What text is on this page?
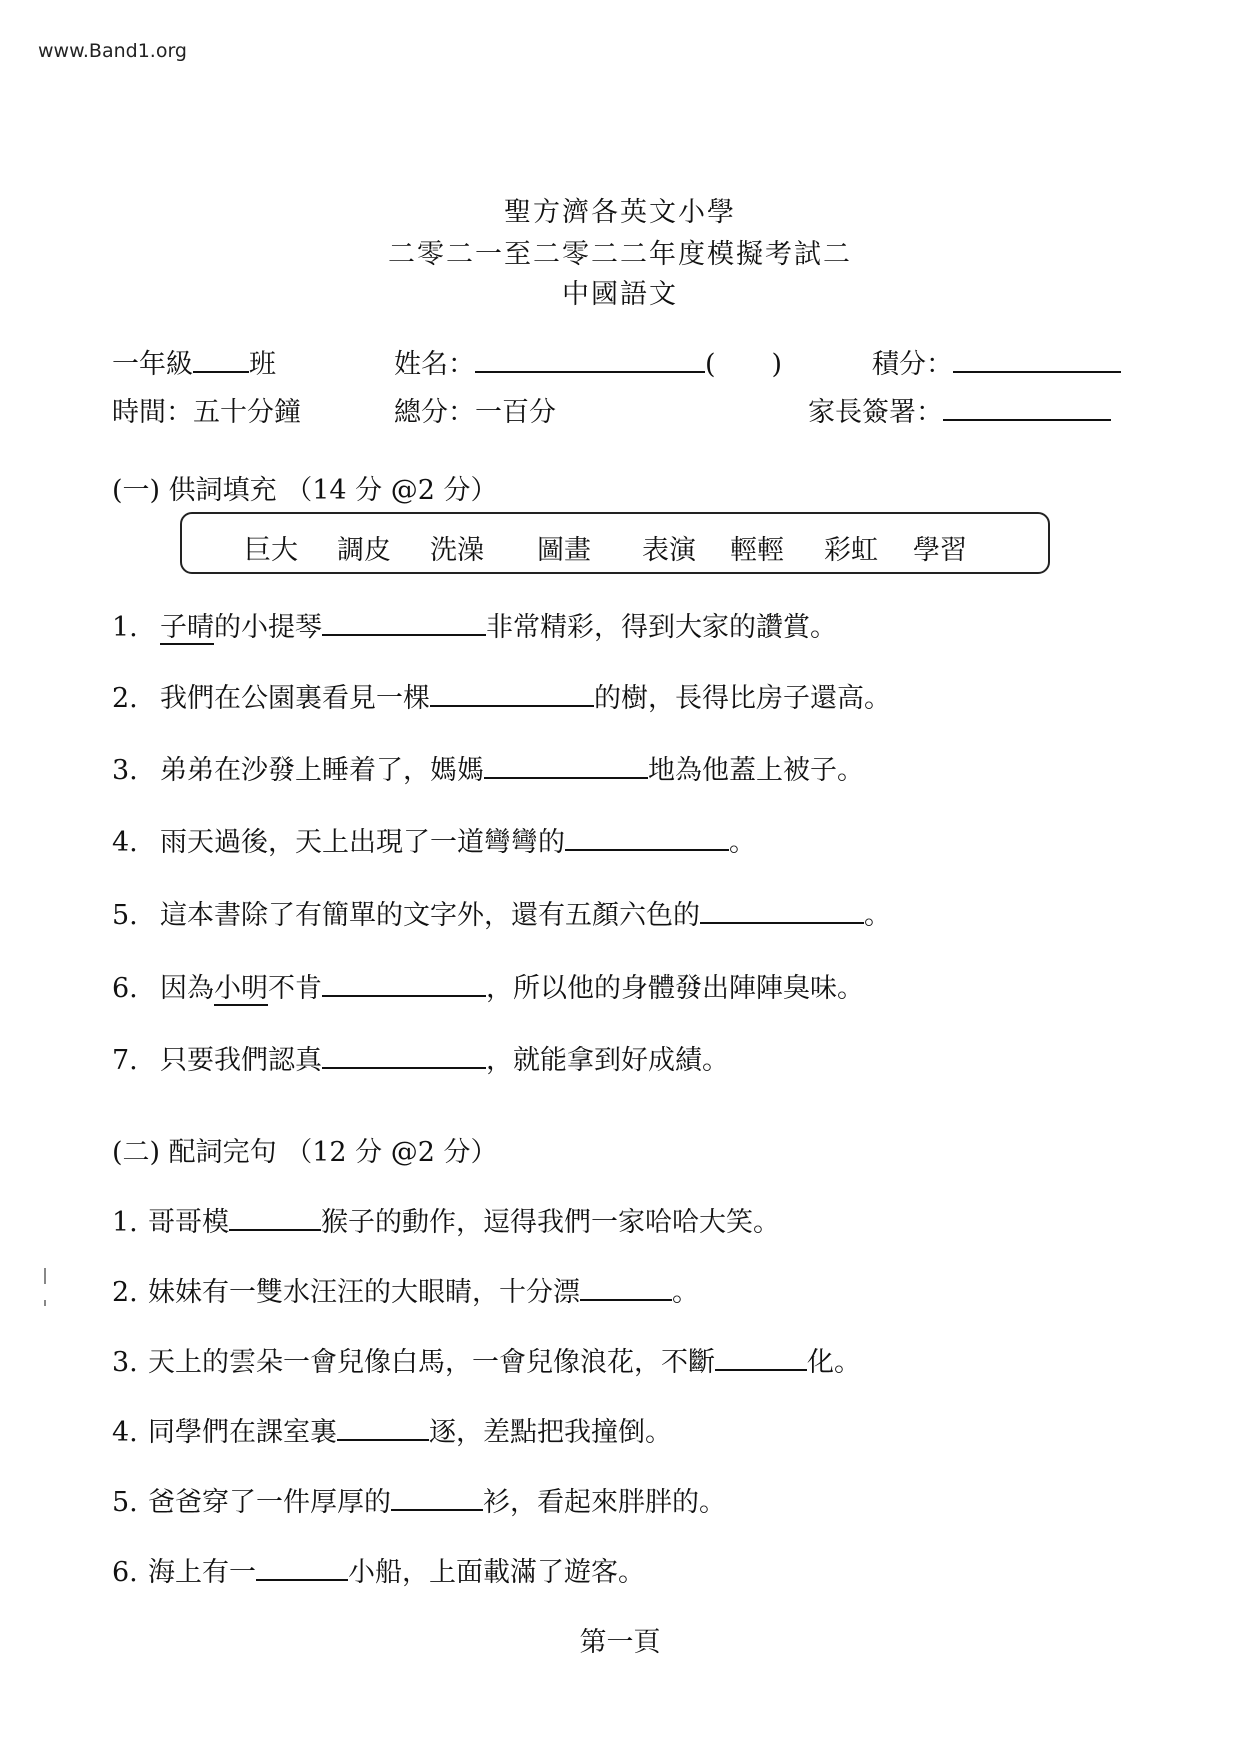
www.Band1.org
聖方濟各英文小學
二零二一至二零二二年度模擬考試二
中國語文
一年級 班	姓名：	( )	積分：
時間：五十分鐘	總分：一百分	家長簽署：
(一) 供詞填充 （14 分 @2 分）
巨大 調皮 洗澡 圖畫 表演 輕輕 彩虹 學習
1. 子晴的小提琴	非常精彩，得到大家的讚賞。
2. 我們在公園裏看見一棵	的樹，長得比房子還高。
3. 弟弟在沙發上睡着了，媽媽	地為他蓋上被子。
4. 雨天過後，天上出現了一道彎彎的	。
5. 這本書除了有簡單的文字外，還有五顏六色的	。
6. 因為小明不肯	，所以他的身體發出陣陣臭味。
7. 只要我們認真	，就能拿到好成績。
(二) 配詞完句 （12 分 @2 分）
1. 哥哥模	猴子的動作，逗得我們一家哈哈大笑。
2. 妹妹有一雙水汪汪的大眼睛，十分漂	。
3. 天上的雲朵一會兒像白馬，一會兒像浪花，不斷	化。
4. 同學們在課室裏	逐，差點把我撞倒。
5. 爸爸穿了一件厚厚的	衫，看起來胖胖的。
6. 海上有一	小船，上面載滿了遊客。
第一頁
